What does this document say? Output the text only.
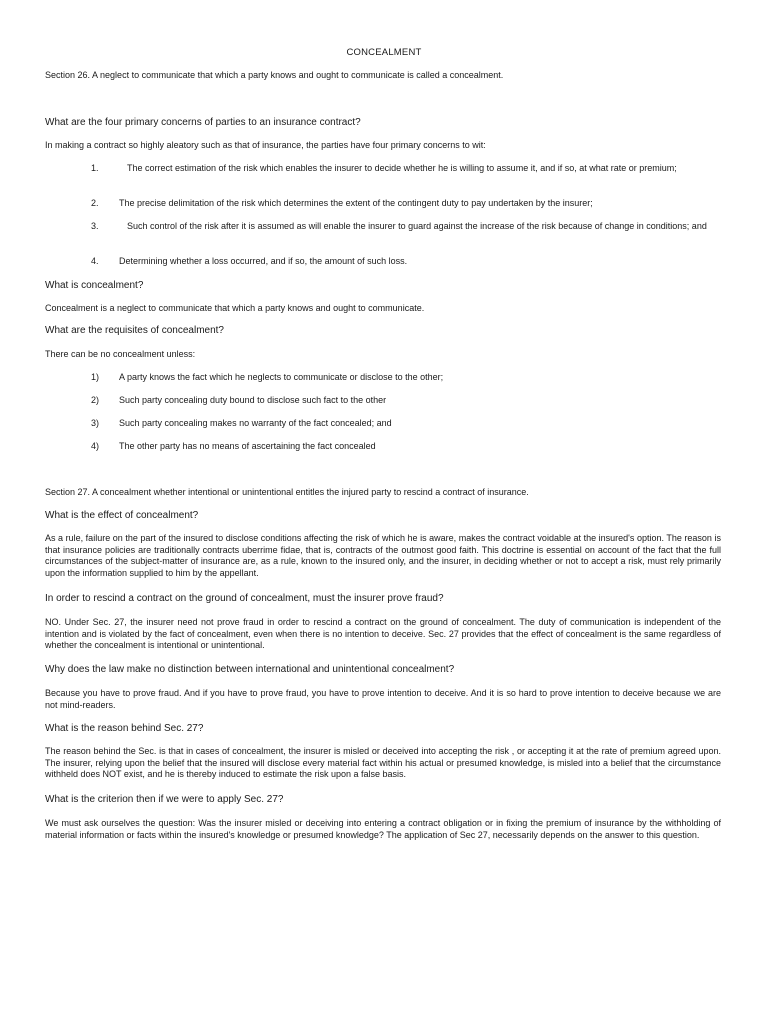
CONCEALMENT

Section 26. A neglect to communicate that which a party knows and ought to communicate is called a concealment.

What are the four primary concerns of parties to an insurance contract?

In making a contract so highly aleatory such as that of insurance, the parties have four primary concerns to wit:

1.	The correct estimation of the risk which enables the insurer to decide whether he is willing to assume it, and if so, at what rate or premium;

2. The precise delimitation of the risk which determines the extent of the contingent duty to pay undertaken by the insurer;

3.	Such control of the risk after it is assumed as will enable the insurer to guard against the increase of the risk because of change in conditions; and

4. Determining whether a loss occurred, and if so, the amount of such loss.

What is concealment?

Concealment is a neglect to communicate that which a party knows and ought to communicate.

What are the requisites of concealment?

There can be no concealment unless:

1) A party knows the fact which he neglects to communicate or disclose to the other;

2) Such party concealing duty bound to disclose such fact to the other

3) Such party concealing makes no warranty of the fact concealed; and

4) The other party has no means of ascertaining the fact concealed

Section 27. A concealment whether intentional or unintentional entitles the injured party to rescind a contract of insurance.

What is the effect of concealment?

As a rule, failure on the part of the insured to disclose conditions affecting the risk of which he is aware, makes the contract voidable at the insured's option. The reason is that insurance policies are traditionally contracts uberrime fidae, that is, contracts of the outmost good faith. This doctrine is essential on account of the fact that the full circumstances of the subject-matter of insurance are, as a rule, known to the insured only, and the insurer, in deciding whether or not to accept a risk, must rely primarily upon the information supplied to him by the appellant.

In order to rescind a contract on the ground of concealment, must the insurer prove fraud?

NO. Under Sec. 27, the insurer need not prove fraud in order to rescind a contract on the ground of concealment. The duty of communication is independent of the intention and is violated by the fact of concealment, even when there is no intention to deceive. Sec. 27 provides that the effect of concealment is the same regardless of whether the concealment is intentional or unintentional.

Why does the law make no distinction between international and unintentional concealment?

Because you have to prove fraud. And if you have to prove fraud, you have to prove intention to deceive. And it is so hard to prove intention to deceive because we are not mind-readers.

What is the reason behind Sec. 27?

The reason behind the Sec. is that in cases of concealment, the insurer is misled or deceived into accepting the risk , or accepting it at the rate of premium agreed upon. The insurer, relying upon the belief that the insured will disclose every material fact within his actual or presumed knowledge, is misled into a belief that the circumstance withheld does NOT exist, and he is thereby induced to estimate the risk upon a false basis.

What is the criterion then if we were to apply Sec. 27?

We must ask ourselves the question: Was the insurer misled or deceiving into entering a contract obligation or in fixing the premium of insurance by the withholding of material information or facts within the insured's knowledge or presumed knowledge? The application of Sec 27, necessarily depends on the answer to this question.
